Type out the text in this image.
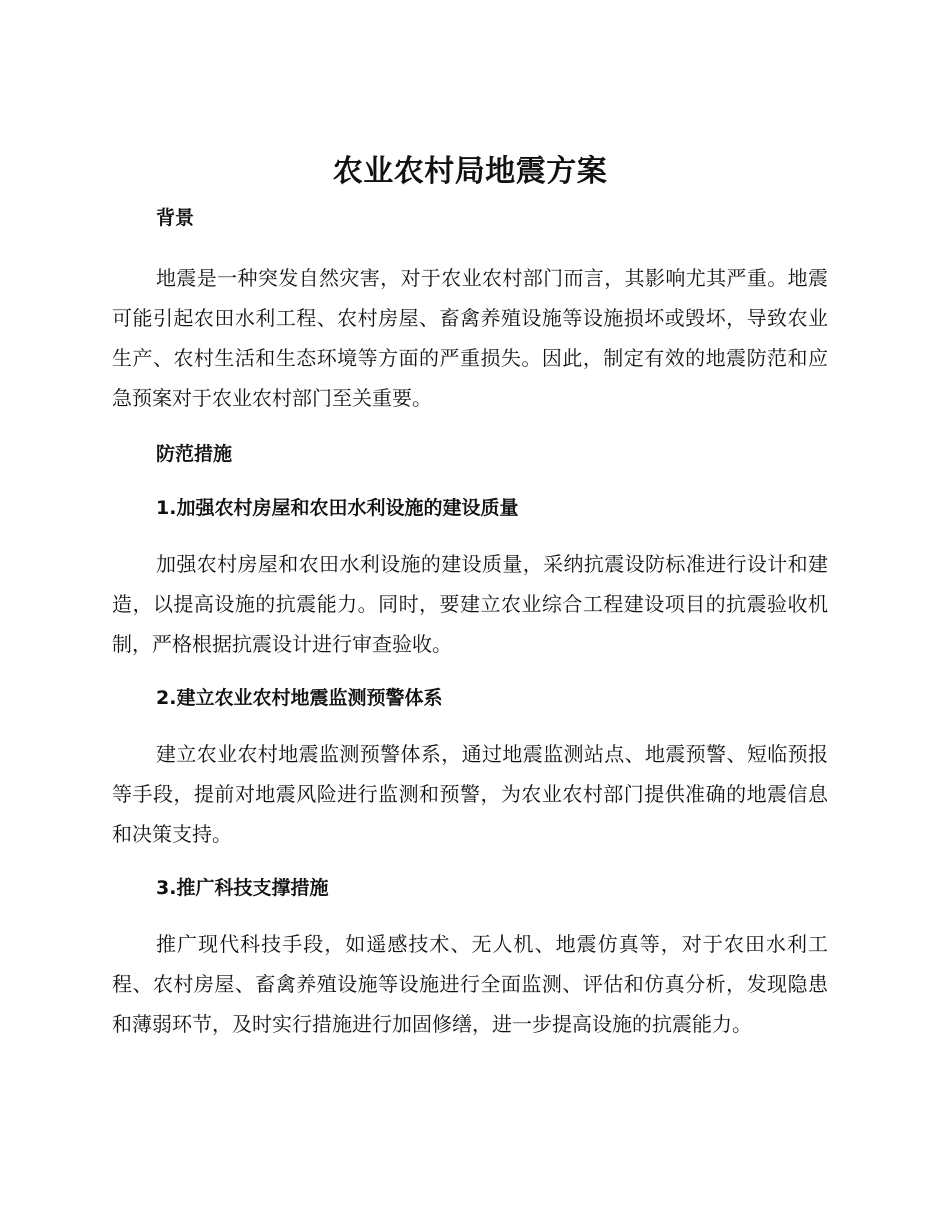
农业农村局地震方案

背景

地震是一种突发自然灾害，对于农业农村部门而言，其影响尤其严重。地震可能引起农田水利工程、农村房屋、畜禽养殖设施等设施损坏或毁坏，导致农业生产、农村生活和生态环境等方面的严重损失。因此，制定有效的地震防范和应急预案对于农业农村部门至关重要。

防范措施

1.加强农村房屋和农田水利设施的建设质量

加强农村房屋和农田水利设施的建设质量，采纳抗震设防标准进行设计和建造，以提高设施的抗震能力。同时，要建立农业综合工程建设项目的抗震验收机制，严格根据抗震设计进行审查验收。

2.建立农业农村地震监测预警体系

建立农业农村地震监测预警体系，通过地震监测站点、地震预警、短临预报等手段，提前对地震风险进行监测和预警，为农业农村部门提供准确的地震信息和决策支持。

3.推广科技支撑措施

推广现代科技手段，如遥感技术、无人机、地震仿真等，对于农田水利工程、农村房屋、畜禽养殖设施等设施进行全面监测、评估和仿真分析，发现隐患和薄弱环节，及时实行措施进行加固修缮，进一步提高设施的抗震能力。
